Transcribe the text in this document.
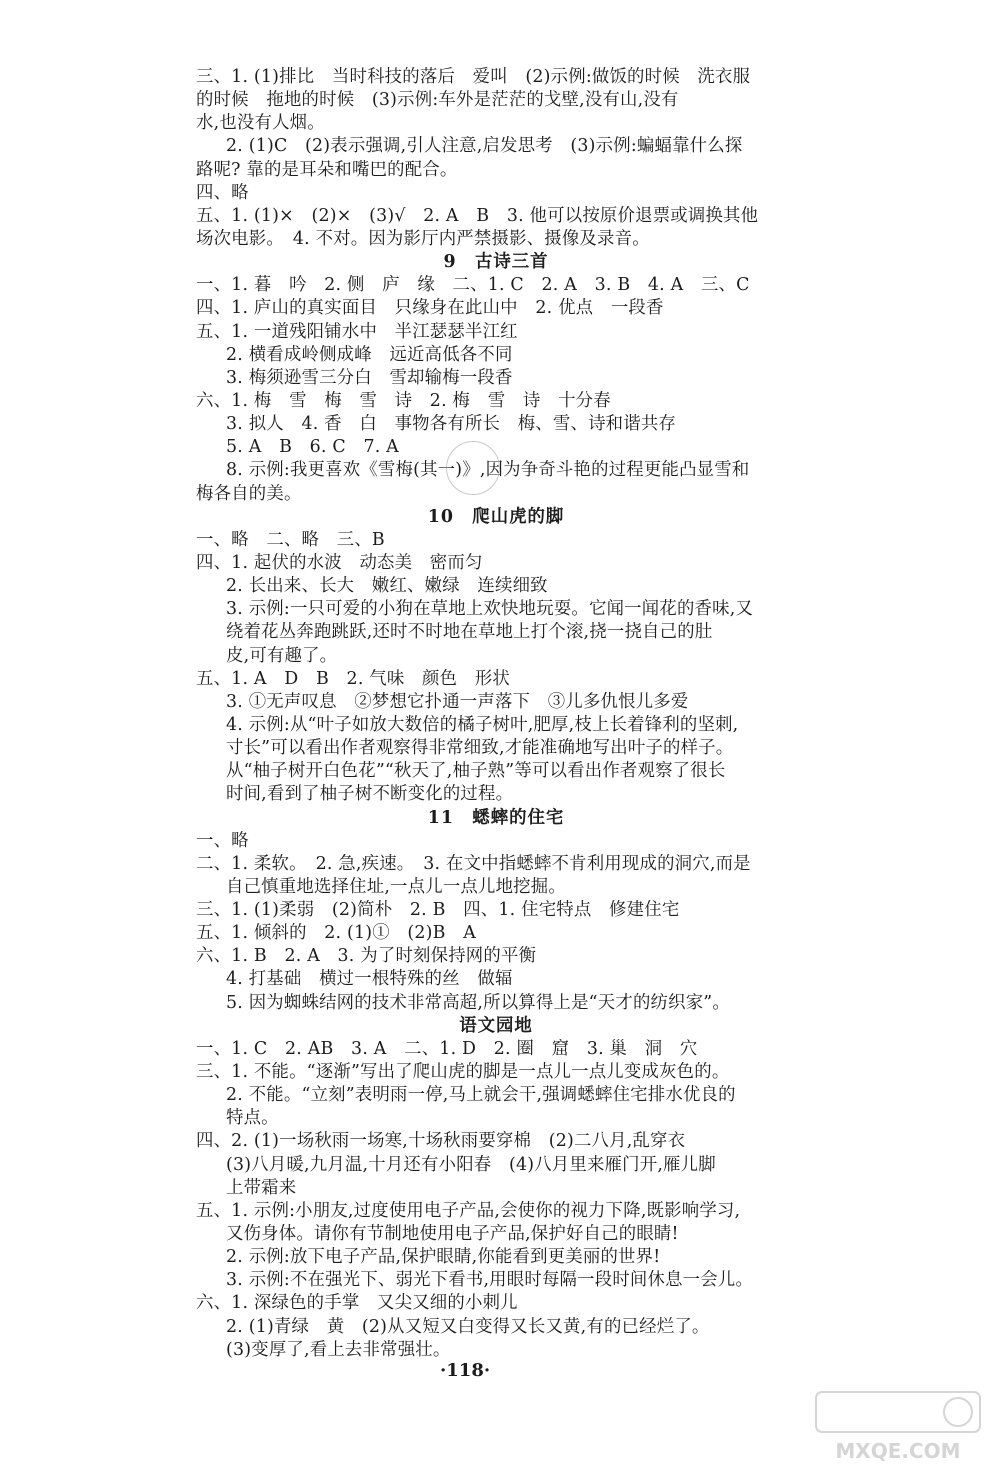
三、1. (1)排比　当时科技的落后　爱叫　(2)示例:做饭的时候　洗衣服
的时候　拖地的时候　(3)示例:车外是茫茫的戈壁,没有山,没有
水,也没有人烟。
2. (1)C　(2)表示强调,引人注意,启发思考　(3)示例:蝙蝠靠什么探
路呢? 靠的是耳朵和嘴巴的配合。
四、略
五、1. (1)×　(2)×　(3)√　2. A　B　3. 他可以按原价退票或调换其他
场次电影。　4. 不对。因为影厅内严禁摄影、摄像及录音。
9　古诗三首
一、1. 暮　吟　2. 侧　庐　缘　二、1. C　2. A　3. B　4. A　三、C
四、1. 庐山的真实面目　只缘身在此山中　2. 优点　一段香
五、1. 一道残阳铺水中　半江瑟瑟半江红
2. 横看成岭侧成峰　远近高低各不同
3. 梅须逊雪三分白　雪却输梅一段香
六、1. 梅　雪　梅　雪　诗　2. 梅　雪　诗　十分春
3. 拟人　4. 香　白　事物各有所长　梅、雪、诗和谐共存
5. A　B　6. C　7. A
8. 示例:我更喜欢《雪梅(其一)》,因为争奇斗艳的过程更能凸显雪和
梅各自的美。
10　爬山虎的脚
一、略　二、略　三、B
四、1. 起伏的水波　动态美　密而匀
2. 长出来、长大　嫩红、嫩绿　连续细致
3. 示例:一只可爱的小狗在草地上欢快地玩耍。它闻一闻花的香味,又
绕着花丛奔跑跳跃,还时不时地在草地上打个滚,挠一挠自己的肚
皮,可有趣了。
五、1. A　D　B　2. 气味　颜色　形状
3. ①无声叹息　②梦想它扑通一声落下　③儿多仇恨儿多爱
4. 示例:从“叶子如放大数倍的橘子树叶,肥厚,枝上长着锋利的坚刺,
寸长”可以看出作者观察得非常细致,才能准确地写出叶子的样子。
从“柚子树开白色花”“秋天了,柚子熟”等可以看出作者观察了很长
时间,看到了柚子树不断变化的过程。
11　蟋蟀的住宅
一、略
二、1. 柔软。　2. 急,疾速。　3. 在文中指蟋蟀不肯利用现成的洞穴,而是
自己慎重地选择住址,一点儿一点儿地挖掘。
三、1. (1)柔弱　(2)简朴　2. B　四、1. 住宅特点　修建住宅
五、1. 倾斜的　2. (1)①　(2)B　A
六、1. B　2. A　3. 为了时刻保持网的平衡
4. 打基础　横过一根特殊的丝　做辐
5. 因为蜘蛛结网的技术非常高超,所以算得上是“天才的纺织家”。
语文园地
一、1. C　2. AB　3. A　二、1. D　2. 圈　窟　3. 巢　洞　穴
三、1. 不能。“逐渐”写出了爬山虎的脚是一点儿一点儿变成灰色的。
2. 不能。“立刻”表明雨一停,马上就会干,强调蟋蟀住宅排水优良的
特点。
四、2. (1)一场秋雨一场寒,十场秋雨要穿棉　(2)二八月,乱穿衣
(3)八月暖,九月温,十月还有小阳春　(4)八月里来雁门开,雁儿脚
上带霜来
五、1. 示例:小朋友,过度使用电子产品,会使你的视力下降,既影响学习,
又伤身体。请你有节制地使用电子产品,保护好自己的眼睛!
2. 示例:放下电子产品,保护眼睛,你能看到更美丽的世界!
3. 示例:不在强光下、弱光下看书,用眼时每隔一段时间休息一会儿。
六、1. 深绿色的手掌　又尖又细的小刺儿
2. (1)青绿　黄　(2)从又短又白变得又长又黄,有的已经烂了。
(3)变厚了,看上去非常强壮。
·118·
MXQE.COM
